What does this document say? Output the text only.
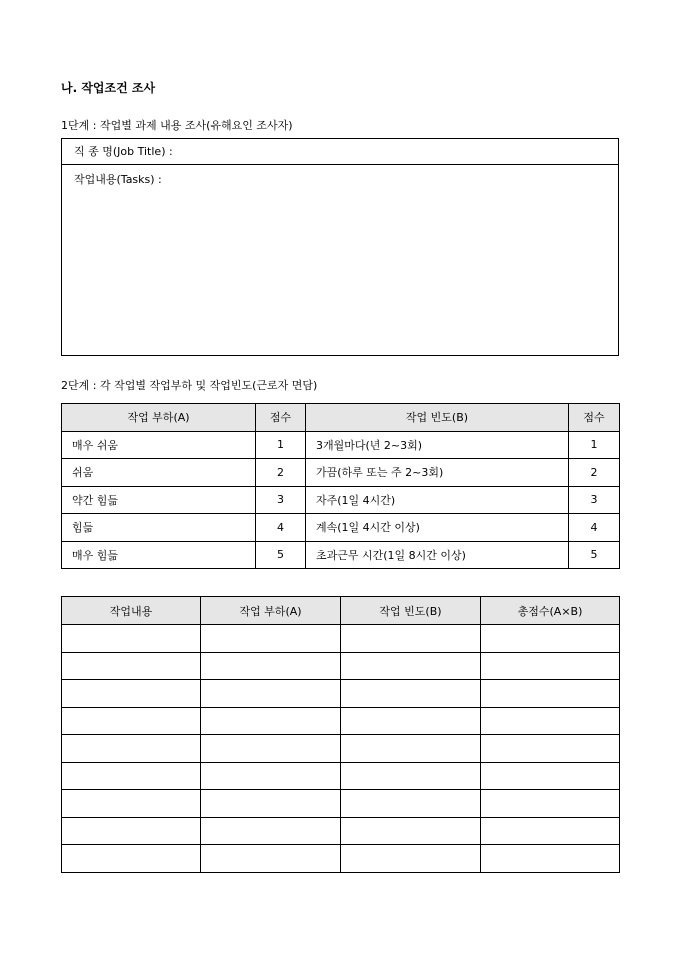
나. 작업조건 조사
1단계 : 작업별 과제 내용 조사(유해요인 조사자)
직 종 명(Job Title) :
작업내용(Tasks) :
2단계 : 각 작업별 작업부하 및 작업빈도(근로자 면담)
작업 부하(A)	점수	작업 빈도(B)	점수
매우 쉬움	1	3개월마다(년 2~3회)	1
쉬움	2	가끔(하루 또는 주 2~3회)	2
약간 힘듦	3	자주(1일 4시간)	3
힘듦	4	계속(1일 4시간 이상)	4
매우 힘듦	5	초과근무 시간(1일 8시간 이상)	5
작업내용	작업 부하(A)	작업 빈도(B)	총점수(A×B)
